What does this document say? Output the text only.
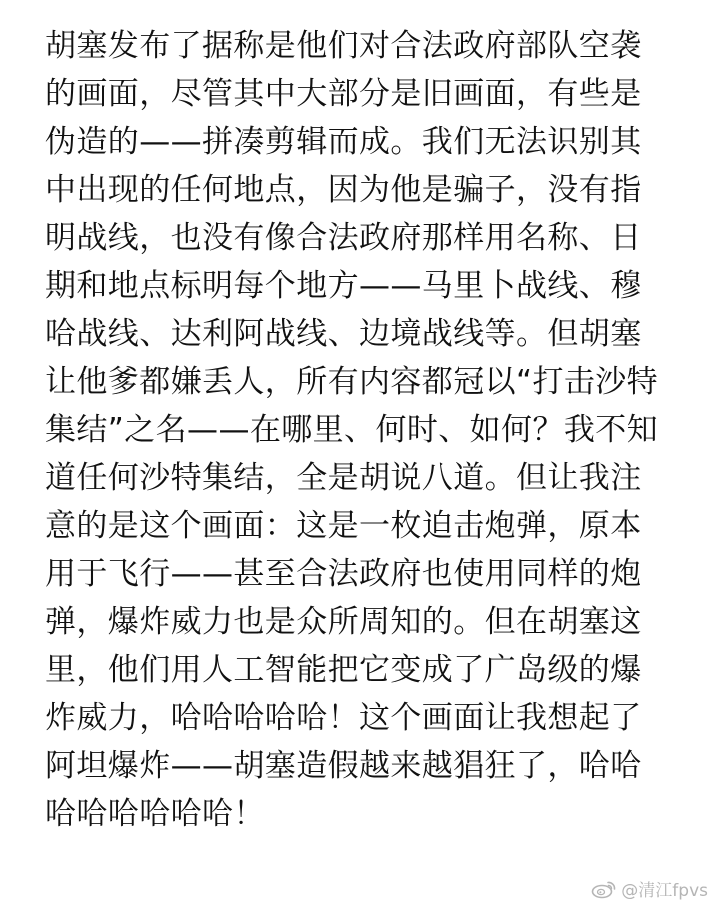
胡塞发布了据称是他们对合法政府部队空袭
的画面，尽管其中大部分是旧画面，有些是
伪造的——拼凑剪辑而成。我们无法识别其
中出现的任何地点，因为他是骗子，没有指
明战线，也没有像合法政府那样用名称、日
期和地点标明每个地方——马里卜战线、穆
哈战线、达利阿战线、边境战线等。但胡塞
让他爹都嫌丢人，所有内容都冠以“打击沙特
集结”之名——在哪里、何时、如何？我不知
道任何沙特集结，全是胡说八道。但让我注
意的是这个画面：这是一枚迫击炮弹，原本
用于飞行——甚至合法政府也使用同样的炮
弹，爆炸威力也是众所周知的。但在胡塞这
里，他们用人工智能把它变成了广岛级的爆
炸威力，哈哈哈哈哈！这个画面让我想起了
阿坦爆炸——胡塞造假越来越猖狂了，哈哈
哈哈哈哈哈哈！
@清江fpvs
